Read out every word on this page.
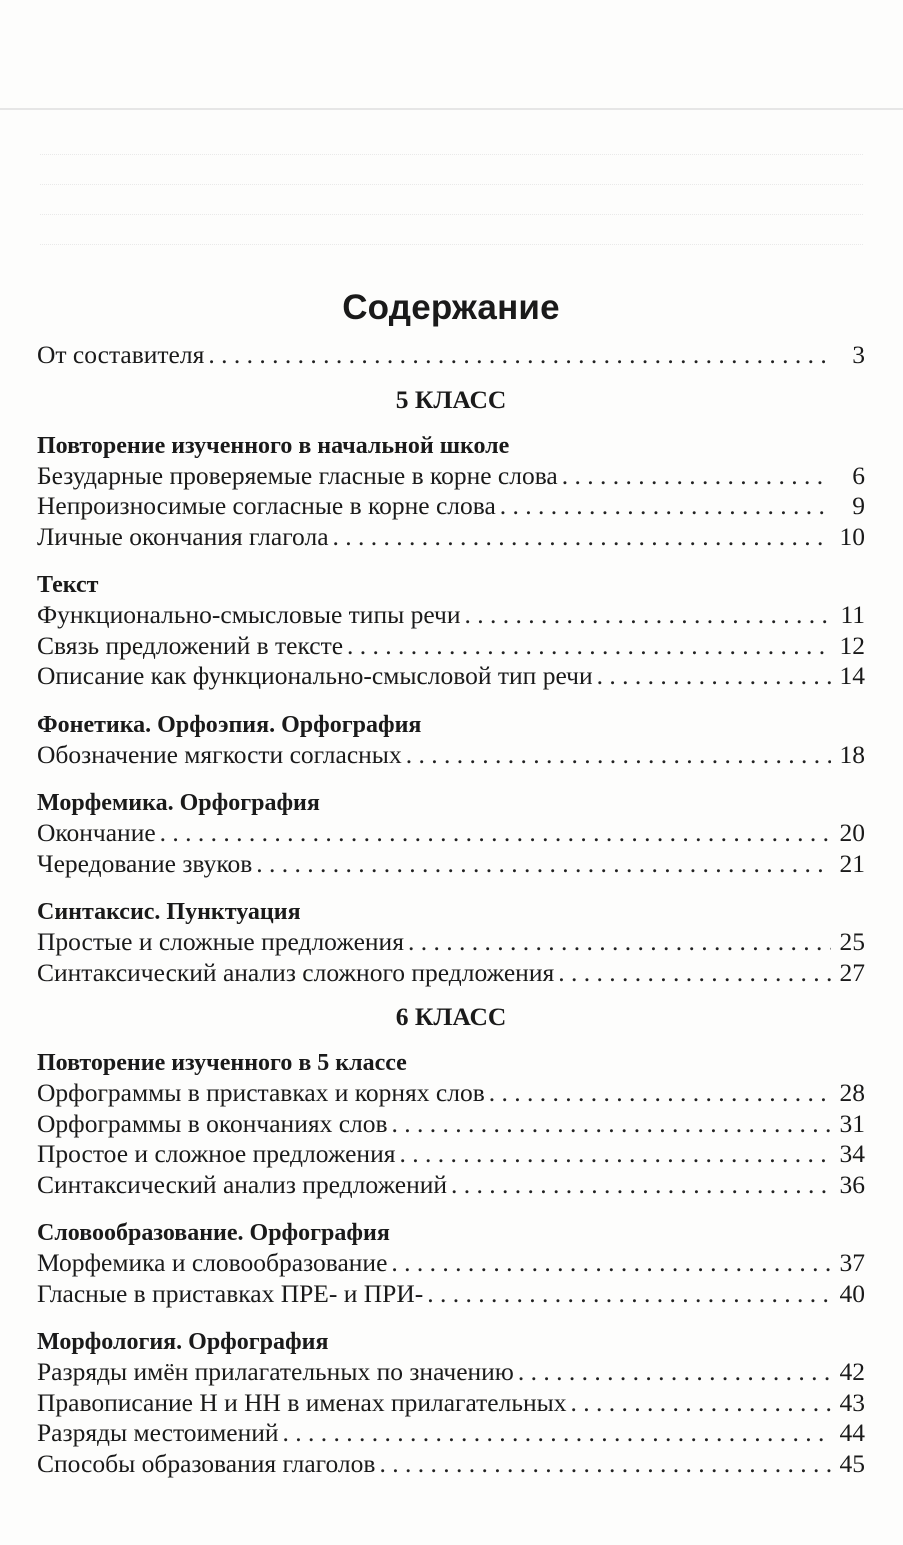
Содержание
От составителя . . .	3
5 КЛАСС
Повторение изученного в начальной школе
Безударные проверяемые гласные в корне слова . . .	6
Непроизносимые согласные в корне слова . . .	9
Личные окончания глагола . . .	10
Текст
Функционально-смысловые типы речи . . .	11
Связь предложений в тексте . . .	12
Описание как функционально-смысловой тип речи . . .	14
Фонетика. Орфоэпия. Орфография
Обозначение мягкости согласных . . .	18
Морфемика. Орфография
Окончание . . .	20
Чередование звуков . . .	21
Синтаксис. Пунктуация
Простые и сложные предложения . . .	25
Синтаксический анализ сложного предложения . . .	27
6 КЛАСС
Повторение изученного в 5 классе
Орфограммы в приставках и корнях слов . . .	28
Орфограммы в окончаниях слов . . .	31
Простое и сложное предложения . . .	34
Синтаксический анализ предложений . . .	36
Словообразование. Орфография
Морфемика и словообразование . . .	37
Гласные в приставках ПРЕ- и ПРИ- . . .	40
Морфология. Орфография
Разряды имён прилагательных по значению . . .	42
Правописание Н и НН в именах прилагательных . . .	43
Разряды местоимений . . .	44
Способы образования глаголов . . .	45
